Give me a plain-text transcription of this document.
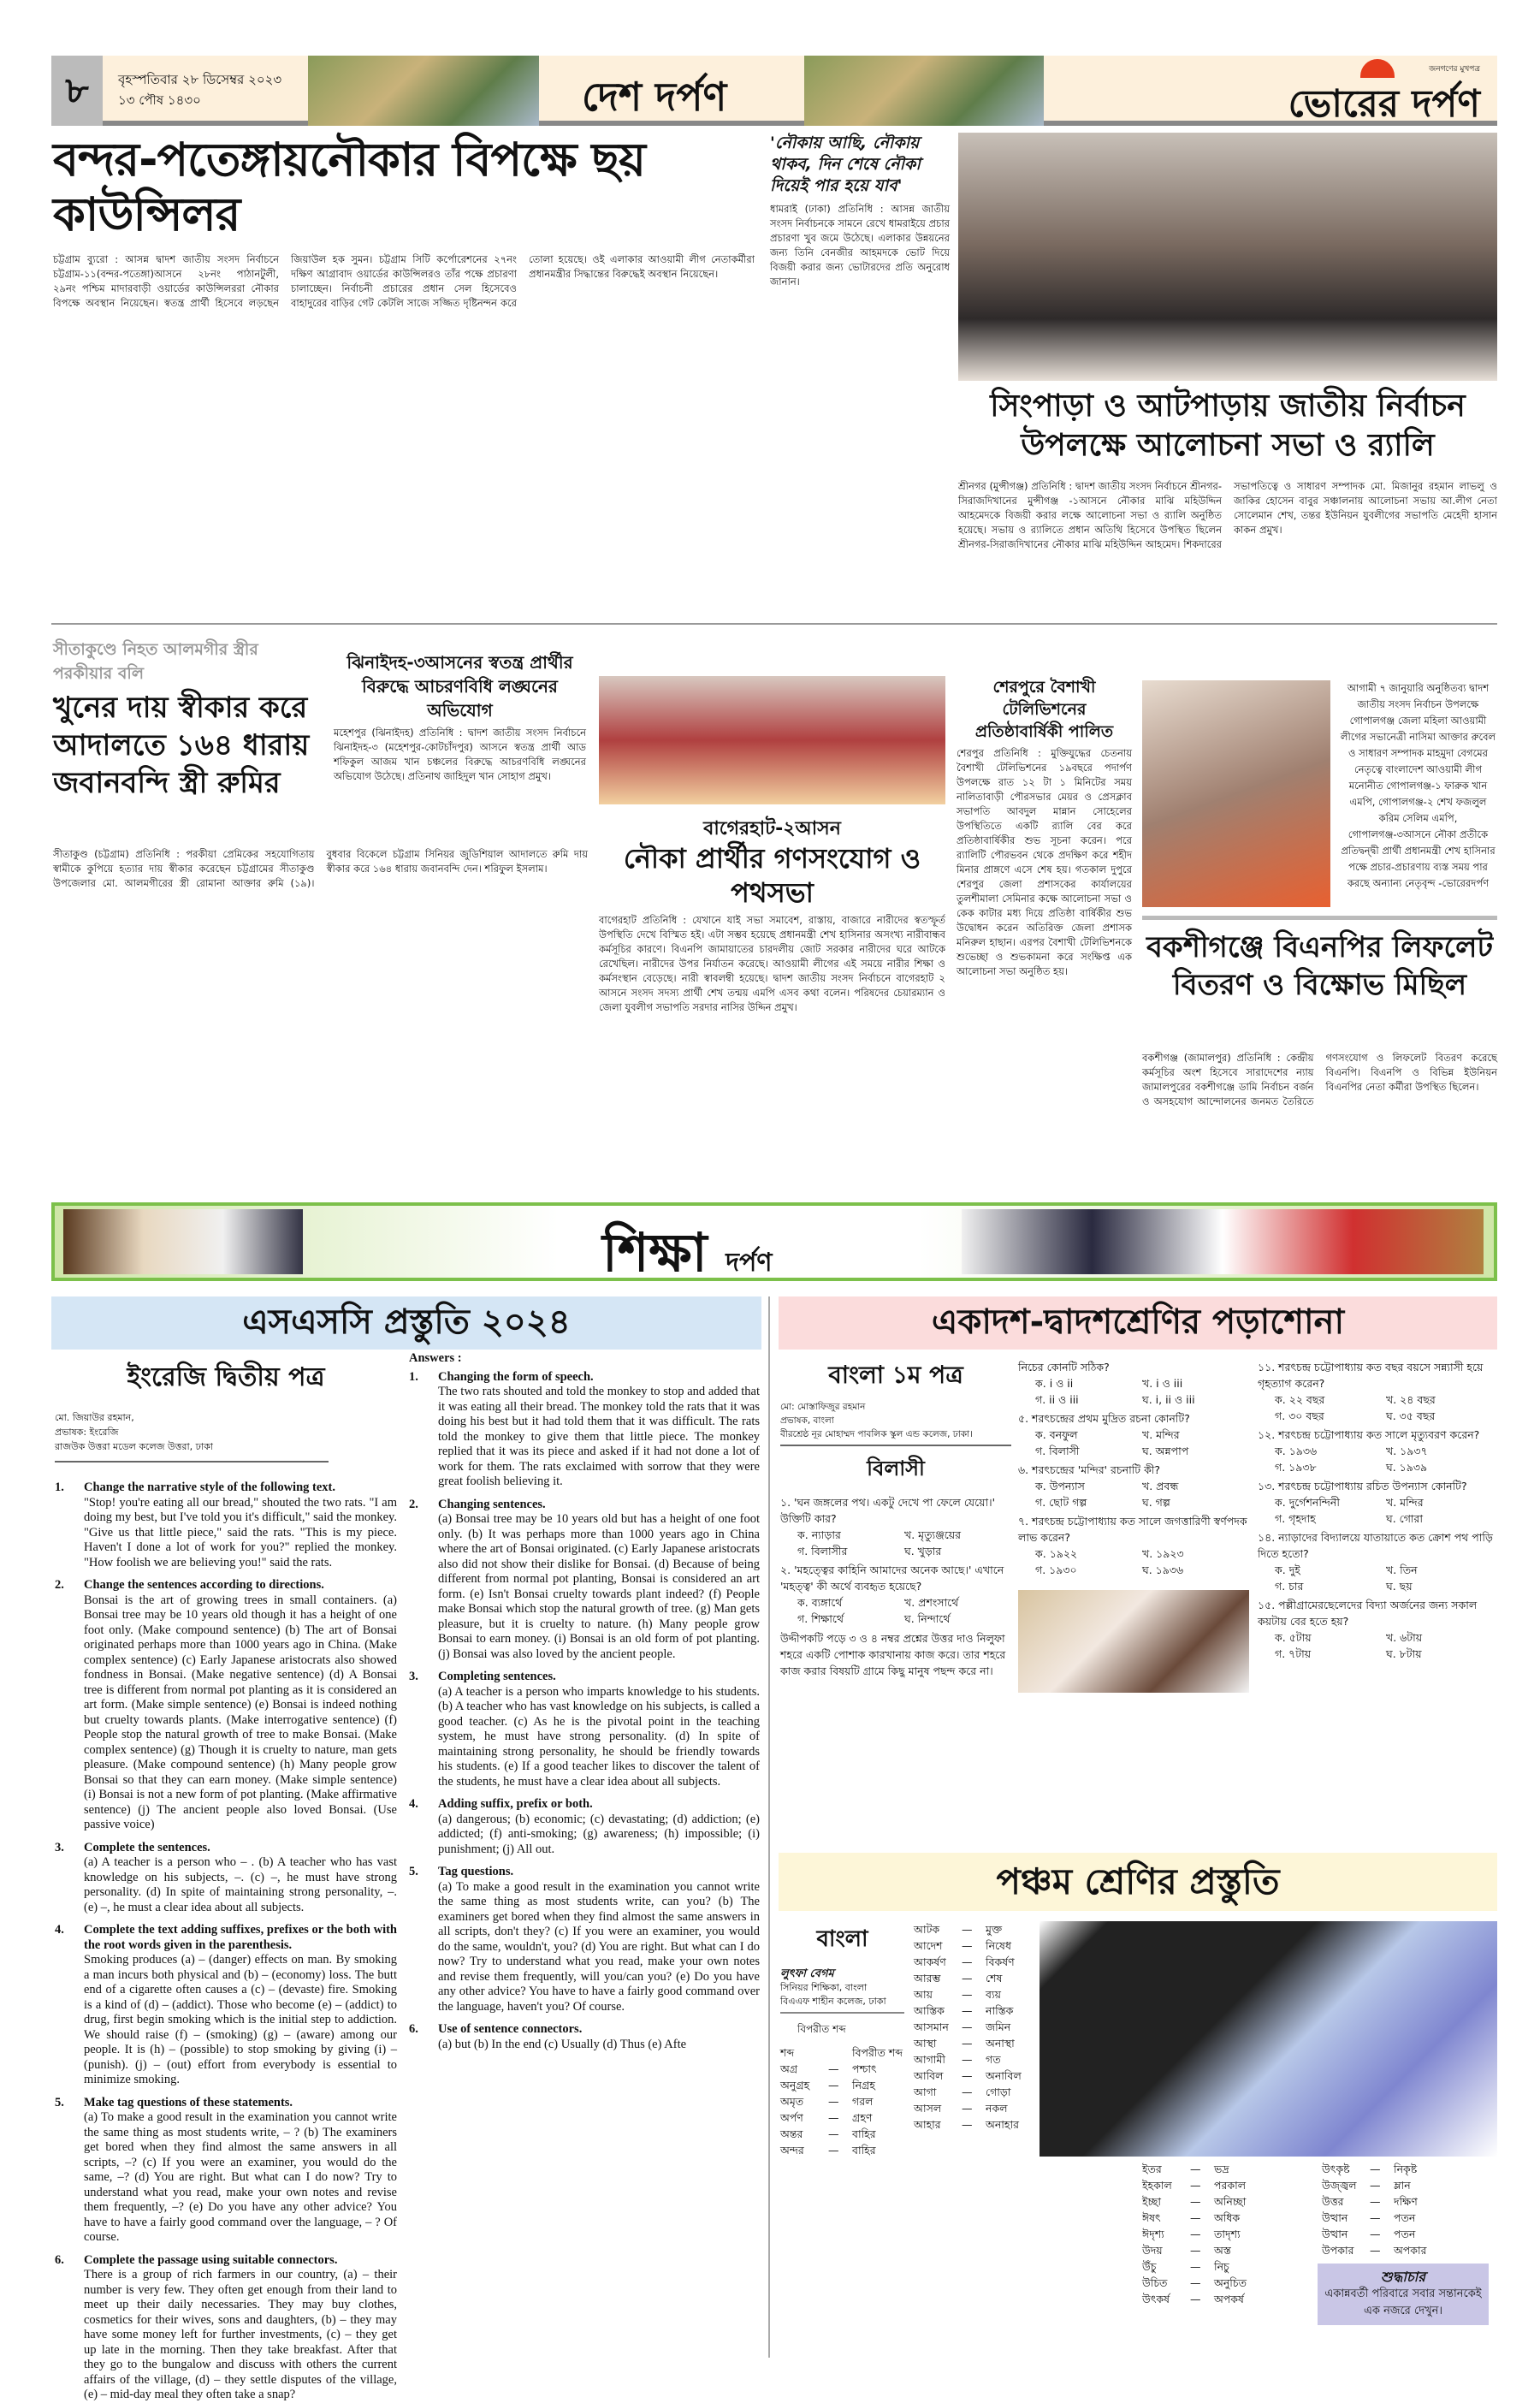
৮	বৃহস্পতিবার ২৮ ডিসেম্বর ২০২৩
১৩ পৌষ ১৪৩০	দেশ দর্পণ
জনগণের মুখপত্র
ভোরের দর্পণ
বন্দর-পতেঙ্গায়নৌকার বিপক্ষে ছয় কাউন্সিলর
চট্টগ্রাম ব্যুরো : আসন্ন দ্বাদশ জাতীয় সংসদ নির্বাচনে চট্টগ্রাম-১১(বন্দর-পতেঙ্গা)আসনে ২৮নং পাঠানটুলী, ২৯নং পশ্চিম মাদারবাড়ী ওয়ার্ডের কাউন্সিলররা নৌকার বিপক্ষে অবস্থান নিয়েছেন। স্বতন্ত্র প্রার্থী হিসেবে লড়ছেন জিয়াউল হক সুমন। চট্টগ্রাম সিটি কর্পোরেশনের ২৭নং দক্ষিণ আগ্রাবাদ ওয়ার্ডের কাউন্সিলরও তাঁর পক্ষে প্রচারণা চালাচ্ছেন। নির্বাচনী প্রচারের প্রধান সেল হিসেবেও বাহাদুরের বাড়ির গেট কেটলি সাজে সজ্জিত দৃষ্টিনন্দন করে তোলা হয়েছে। ওই এলাকার আওয়ামী লীগ নেতাকর্মীরা প্রধানমন্ত্রীর সিদ্ধান্তের বিরুদ্ধেই অবস্থান নিয়েছেন।
'নৌকায় আছি, নৌকায় থাকব, দিন শেষে নৌকা দিয়েই পার হয়ে যাব'
ধামরাই (ঢাকা) প্রতিনিধি : আসন্ন জাতীয় সংসদ নির্বাচনকে সামনে রেখে ধামরাইয়ে প্রচার প্রচারণা খুব জমে উঠেছে। এলাকার উন্নয়নের জন্য তিনি বেনজীর আহমদকে ভোট দিয়ে বিজয়ী করার জন্য ভোটারদের প্রতি অনুরোধ জানান।
সিংপাড়া ও আটপাড়ায় জাতীয় নির্বাচন
উপলক্ষে আলোচনা সভা ও র‍্যালি
শ্রীনগর (মুন্সীগঞ্জ) প্রতিনিধি : দ্বাদশ জাতীয় সংসদ নির্বাচনে শ্রীনগর-সিরাজদিখানের মুন্সীগঞ্জ -১আসনে নৌকার মাঝি মহিউদ্দিন আহমেদকে বিজয়ী করার লক্ষে আলোচনা সভা ও র‍্যালি অনুষ্ঠিত হয়েছে। সভায় ও র‍্যালিতে প্রধান অতিথি হিসেবে উপস্থিত ছিলেন শ্রীনগর-সিরাজদিখানের নৌকার মাঝি মহিউদ্দিন আহমেদ। শিকদারের সভাপতিত্বে ও সাধারণ সম্পাদক মো. মিজানুর রহমান লাভলু ও জাকির হোসেন বাবুর সঞ্চালনায় আলোচনা সভায় আ.লীগ নেতা সোলেমান শেখ, তন্তর ইউনিয়ন যুবলীগের সভাপতি মেহেদী হাসান কাকন প্রমুখ।
সীতাকুণ্ডে নিহত আলমগীর স্ত্রীর পরকীয়ার বলি
খুনের দায় স্বীকার করে আদালতে ১৬৪ ধারায় জবানবন্দি স্ত্রী রুমির
সীতাকুণ্ড (চট্টগ্রাম) প্রতিনিধি : পরকীয়া প্রেমিকের সহযোগিতায় স্বামীকে কুপিয়ে হত্যার দায় স্বীকার করেছেন চট্টগ্রামের সীতাকুণ্ড উপজেলার মো. আলমগীরের স্ত্রী রোমানা আক্তার রুমি (১৯)। বুধবার বিকেলে চট্টগ্রাম সিনিয়র জুডিশিয়াল আদালতে রুমি দায় স্বীকার করে ১৬৪ ধারায় জবানবন্দি দেন। শরিফুল ইসলাম।
ঝিনাইদহ-৩আসনের স্বতন্ত্র প্রার্থীর বিরুদ্ধে আচরণবিধি লঙ্ঘনের অভিযোগ
মহেশপুর (ঝিনাইদহ) প্রতিনিধি : দ্বাদশ জাতীয় সংসদ নির্বাচনে ঝিনাইদহ-৩ (মহেশপুর-কোটচাঁদপুর) আসনে স্বতন্ত্র প্রার্থী আড শফিকুল আজম খান চঞ্চলের বিরুদ্ধে আচরণবিধি লঙ্ঘনের অভিযোগ উঠেছে। প্রতিনাথ জাহিদুল খান সোহাগ প্রমুখ।
বাগেরহাট-২আসন
নৌকা প্রার্থীর গণসংযোগ ও পথসভা
বাগেরহাট প্রতিনিধি : যেখানে যাই সভা সমাবেশ, রাস্তায়, বাজারে নারীদের স্বতস্ফূর্ত উপস্থিতি দেখে বিস্মিত হই। এটা সম্ভব হয়েছে প্রধানমন্ত্রী শেখ হাসিনার অসংখ্য নারীবান্ধব কর্মসূচির কারণে। বিএনপি জামায়াতের চারদলীয় জোট সরকার নারীদের ঘরে আটকে রেখেছিল। নারীদের উপর নির্যাতন করেছে। আওয়ামী লীগের এই সময়ে নারীর শিক্ষা ও কর্মসংস্থান বেড়েছে। নারী স্বাবলম্বী হয়েছে। দ্বাদশ জাতীয় সংসদ নির্বাচনে বাগেরহাট ২ আসনে সংসদ সদস্য প্রার্থী শেখ তন্ময় এমপি এসব কথা বলেন। পরিষদের চেয়ারম্যান ও জেলা যুবলীগ সভাপতি সরদার নাসির উদ্দিন প্রমুখ।
শেরপুরে বৈশাখী টেলিভিশনের প্রতিষ্ঠাবার্ষিকী পালিত
শেরপুর প্রতিনিধি : মুক্তিযুদ্ধের চেতনায় বৈশাখী টেলিভিশনের ১৯বছরে পদার্পণ উপলক্ষে রাত ১২ টা ১ মিনিটের সময় নালিতাবাড়ী পৌরসভার মেয়র ও প্রেসক্লাব সভাপতি আবদুল মান্নান সোহেলের উপস্থিতিতে একটি র‍্যালি বের করে প্রতিষ্ঠাবার্ষিকীর শুভ সূচনা করেন। পরে র‍্যালিটি পৌরভবন থেকে প্রদক্ষিণ করে শহীদ মিনার প্রাঙ্গণে এসে শেষ হয়। গতকাল দুপুরে শেরপুর জেলা প্রশাসকের কার্যালয়ের তুলশীমালা সেমিনার কক্ষে আলোচনা সভা ও কেক কাটার মধ্য দিয়ে প্রতিষ্ঠা বার্ষিকীর শুভ উদ্বোধন করেন অতিরিক্ত জেলা প্রশাসক মনিরুল হাছান। এরপর বৈশাখী টেলিভিশনকে শুভেচ্ছা ও শুভকামনা করে সংক্ষিপ্ত এক আলোচনা সভা অনুষ্ঠিত হয়।
আগামী ৭ জানুয়ারি অনুষ্ঠিতব্য দ্বাদশ জাতীয় সংসদ নির্বাচন উপলক্ষে গোপালগঞ্জ জেলা মহিলা আওয়ামী লীগের সভানেত্রী নাসিমা আক্তার রুবেল ও সাধারণ সম্পাদক মাহমুদা বেগমের নেতৃত্বে বাংলাদেশ আওয়ামী লীগ মনোনীত গোপালগঞ্জ-১ ফারুক খান এমপি, গোপালগঞ্জ-২ শেখ ফজলুল করিম সেলিম এমপি, গোপালগঞ্জ-৩আসনে নৌকা প্রতীকে প্রতিদ্বন্দ্বী প্রার্থী প্রধানমন্ত্রী শেখ হাসিনার পক্ষে প্রচার-প্রচারণায় ব্যস্ত সময় পার করছে অন্যান্য নেতৃবৃন্দ -ভোরেরদর্পণ
বকশীগঞ্জে বিএনপির লিফলেট বিতরণ ও বিক্ষোভ মিছিল
বকশীগঞ্জ (জামালপুর) প্রতিনিধি : কেন্দ্রীয় কর্মসূচির অংশ হিসেবে সারাদেশের ন্যায় জামালপুরের বকশীগঞ্জে ডামি নির্বাচন বর্জন ও অসহযোগ আন্দোলনের জনমত তৈরিতে গণসংযোগ ও লিফলেট বিতরণ করেছে বিএনপি। বিএনপি ও বিভিন্ন ইউনিয়ন বিএনপির নেতা কর্মীরা উপস্থিত ছিলেন।
শিক্ষা দর্পণ
এসএসসি প্রস্তুতি ২০২৪
ইংরেজি দ্বিতীয় পত্র
মো. জিয়াউর রহমান,
প্রভাষক: ইংরেজি
রাজউক উত্তরা মডেল কলেজ উত্তরা, ঢাকা
1. Change the narrative style of the following text.
"Stop! you're eating all our bread," shouted the two rats. "I am doing my best, but I've told you it's difficult," said the monkey. "Give us that little piece," said the rats. "This is my piece. Haven't I done a lot of work for you?" replied the monkey. "How foolish we are believing you!" said the rats.
2. Change the sentences according to directions.
Bonsai is the art of growing trees in small containers. (a) Bonsai tree may be 10 years old though it has a height of one foot only. (Make compound sentence) (b) The art of Bonsai originated perhaps more than 1000 years ago in China. (Make complex sentence) (c) Early Japanese aristocrats also showed fondness in Bonsai. (Make negative sentence) (d) A Bonsai tree is different from normal pot planting as it is considered an art form. (Make simple sentence) (e) Bonsai is indeed nothing but cruelty towards plants. (Make interrogative sentence) (f) People stop the natural growth of tree to make Bonsai. (Make complex sentence) (g) Though it is cruelty to nature, man gets pleasure. (Make compound sentence) (h) Many people grow Bonsai so that they can earn money. (Make simple sentence) (i) Bonsai is not a new form of pot planting. (Make affirmative sentence) (j) The ancient people also loved Bonsai. (Use passive voice)
3. Complete the sentences.
(a) A teacher is a person who – . (b) A teacher who has vast knowledge on his subjects, –. (c) –, he must have strong personality. (d) In spite of maintaining strong personality, –. (e) –, he must a clear idea about all subjects.
4. Complete the text adding suffixes, prefixes or the both with the root words given in the parenthesis.
Smoking produces (a) – (danger) effects on man. By smoking a man incurs both physical and (b) – (economy) loss. The butt end of a cigarette often causes a (c) – (devaste) fire. Smoking is a kind of (d) – (addict). Those who become (e) – (addict) to drug, first begin smoking which is the initial step to addiction. We should raise (f) – (smoking) (g) – (aware) among our people. It is (h) – (possible) to stop smoking by giving (i) – (punish). (j) – (out) effort from everybody is essential to minimize smoking.
5. Make tag questions of these statements.
(a) To make a good result in the examination you cannot write the same thing as most students write, – ? (b) The examiners get bored when they find almost the same answers in all scripts, –? (c) If you were an examiner, you would do the same, –? (d) You are right. But what can I do now? Try to understand what you read, make your own notes and revise them frequently, –? (e) Do you have any other advice? You have to have a fairly good command over the language, – ? Of course.
6. Complete the passage using suitable connectors.
There is a group of rich farmers in our country, (a) – their number is very few. They often get enough from their land to meet up their daily necessaries. They may buy clothes, cosmetics for their wives, sons and daughters, (b) – they may have some money left for further investments, (c) – they get up late in the morning. Then they take breakfast. After that they go to the bungalow and discuss with others the current affairs of the village, (d) – they settle disputes of the village, (e) – mid-day meal they often take a snap?
Answers :
1. Changing the form of speech.
The two rats shouted and told the monkey to stop and added that it was eating all their bread. The monkey told the rats that it was doing his best but it had told them that it was difficult. The rats told the monkey to give them that little piece. The monkey replied that it was its piece and asked if it had not done a lot of work for them. The rats exclaimed with sorrow that they were great foolish believing it.
2. Changing sentences.
(a) Bonsai tree may be 10 years old but has a height of one foot only. (b) It was perhaps more than 1000 years ago in China where the art of Bonsai originated. (c) Early Japanese aristocrats also did not show their dislike for Bonsai. (d) Because of being different from normal pot planting, Bonsai is considered an art form. (e) Isn't Bonsai cruelty towards plant indeed? (f) People make Bonsai which stop the natural growth of tree. (g) Man gets pleasure, but it is cruelty to nature. (h) Many people grow Bonsai to earn money. (i) Bonsai is an old form of pot planting. (j) Bonsai was also loved by the ancient people.
3. Completing sentences.
(a) A teacher is a person who imparts knowledge to his students. (b) A teacher who has vast knowledge on his subjects, is called a good teacher. (c) As he is the pivotal point in the teaching system, he must have strong personality. (d) In spite of maintaining strong personality, he should be friendly towards his students. (e) If a good teacher likes to discover the talent of the students, he must have a clear idea about all subjects.
4. Adding suffix, prefix or both.
(a) dangerous; (b) economic; (c) devastating; (d) addiction; (e) addicted; (f) anti-smoking; (g) awareness; (h) impossible; (i) punishment; (j) All out.
5. Tag questions.
(a) To make a good result in the examination you cannot write the same thing as most students write, can you? (b) The examiners get bored when they find almost the same answers in all scripts, don't they? (c) If you were an examiner, you would do the same, wouldn't, you? (d) You are right. But what can I do now? Try to understand what you read, make your own notes and revise them frequently, will you/can you? (e) Do you have any other advice? You have to have a fairly good command over the language, haven't you? Of course.
6. Use of sentence connectors.
(a) but (b) In the end (c) Usually (d) Thus (e) Afte
একাদশ-দ্বাদশশ্রেণির পড়াশোনা
বাংলা ১ম পত্র
মো: মোস্তাফিজুর রহমান
প্রভাষক, বাংলা
বীরশ্রেষ্ঠ নূর মোহাম্মদ পাবলিক স্কুল এন্ড কলেজ, ঢাকা।
বিলাসী
১. 'ঘন জঙ্গলের পথ। একটু দেখে পা ফেলে যেয়ো।' উক্তিটি কার?
ক. ন্যাড়ার	খ. মৃত্যুঞ্জয়ের
গ. বিলাসীর	ঘ. খুড়ার
২. 'মহত্ত্বের কাহিনি আমাদের অনেক আছে।' এখানে 'মহত্ত্ব' কী অর্থে ব্যবহৃত হয়েছে?
ক. ব্যঙ্গার্থে	খ. প্রশংসার্থে
গ. শিক্ষার্থে	ঘ. নিন্দার্থে
উদ্দীপকটি পড়ে ৩ ও ৪ নম্বর প্রশ্নের উত্তর দাও নিলুফা শহরে একটি পোশাক কারখানায় কাজ করে। তার শহরে কাজ করার বিষয়টি গ্রামে কিছু মানুষ পছন্দ করে না।
নিচের কোনটি সঠিক?
ক. i ও ii	খ. i ও iii
গ. ii ও iii	ঘ. i, ii ও iii
৫. শরৎচন্দ্রের প্রথম মুদ্রিত রচনা কোনটি?
ক. বনফুল	খ. মন্দির
গ. বিলাসী	ঘ. অন্নপাপ
৬. শরৎচন্দ্রের 'মন্দির' রচনাটি কী?
ক. উপন্যাস	খ. প্রবন্ধ
গ. ছোট গল্প	ঘ. গল্প
৭. শরৎচন্দ্র চট্টোপাধ্যায় কত সালে জগত্তারিণী স্বর্ণপদক লাভ করেন?
ক. ১৯২২	খ. ১৯২৩
গ. ১৯৩০	ঘ. ১৯৩৬
১১. শরৎচন্দ্র চট্টোপাধ্যায় কত বছর বয়সে সন্ন্যাসী হয়ে গৃহত্যাগ করেন?
ক. ২২ বছর	খ. ২৪ বছর
গ. ৩০ বছর	ঘ. ৩৫ বছর
১২. শরৎচন্দ্র চট্টোপাধ্যায় কত সালে মৃত্যুবরণ করেন?
ক. ১৯৩৬	খ. ১৯৩৭
গ. ১৯৩৮	ঘ. ১৯৩৯
১৩. শরৎচন্দ্র চট্টোপাধ্যায় রচিত উপন্যাস কোনটি?
ক. দুর্গেশনন্দিনী	খ. মন্দির
গ. গৃহদাহ	ঘ. গোরা
১৪. ন্যাড়াদের বিদ্যালয়ে যাতায়াতে কত ক্রোশ পথ পাড়ি দিতে হতো?
ক. দুই	খ. তিন
গ. চার	ঘ. ছয়
১৫. পল্লীগ্রামেরছেলেদের বিদ্যা অর্জনের জন্য সকাল কয়টায় বের হতে হয়?
ক. ৫টায়	খ. ৬টায়
গ. ৭টায়	ঘ. ৮টায়
পঞ্চম শ্রেণির প্রস্তুতি
বাংলা
লুৎফা বেগম
সিনিয়র শিক্ষিকা, বাংলা
বিএএফ শাহীন কলেজ, ঢাকা
বিপরীত শব্দ
শব্দ	বিপরীত শব্দ
অগ্র	—	পশ্চাৎ
অনুগ্রহ	—	নিগ্রহ
অমৃত	—	গরল
অর্পণ	—	গ্রহণ
অন্তর	—	বাহির
অন্দর	—	বাহির
আটক	—	মুক্ত
আদেশ	—	নিষেধ
আকর্ষণ	—	বিকর্ষণ
আরম্ভ	—	শেষ
আয়	—	ব্যয়
আস্তিক	—	নাস্তিক
আসমান	—	জমিন
আস্থা	—	অনাস্থা
আগামী	—	গত
আবিল	—	অনাবিল
আগা	—	গোড়া
আসল	—	নকল
আহার	—	অনাহার
ইতর	—	ভদ্র
ইহকাল	—	পরকাল
ইচ্ছা	—	অনিচ্ছা
ঈষৎ	—	অধিক
ঈদৃশ্য	—	তাদৃশ্য
উদয়	—	অস্ত
উঁচু	—	নিচু
উচিত	—	অনুচিত
উৎকর্ষ	—	অপকর্ষ
উৎকৃষ্ট	—	নিকৃষ্ট
উজ্জ্বল	—	ম্লান
উত্তর	—	দক্ষিণ
উত্থান	—	পতন
উত্থান	—	পতন
উপকার	—	অপকার
শুদ্ধাচার
একান্নবর্তী পরিবারে সবার সন্তানকেই এক নজরে দেখুন।
